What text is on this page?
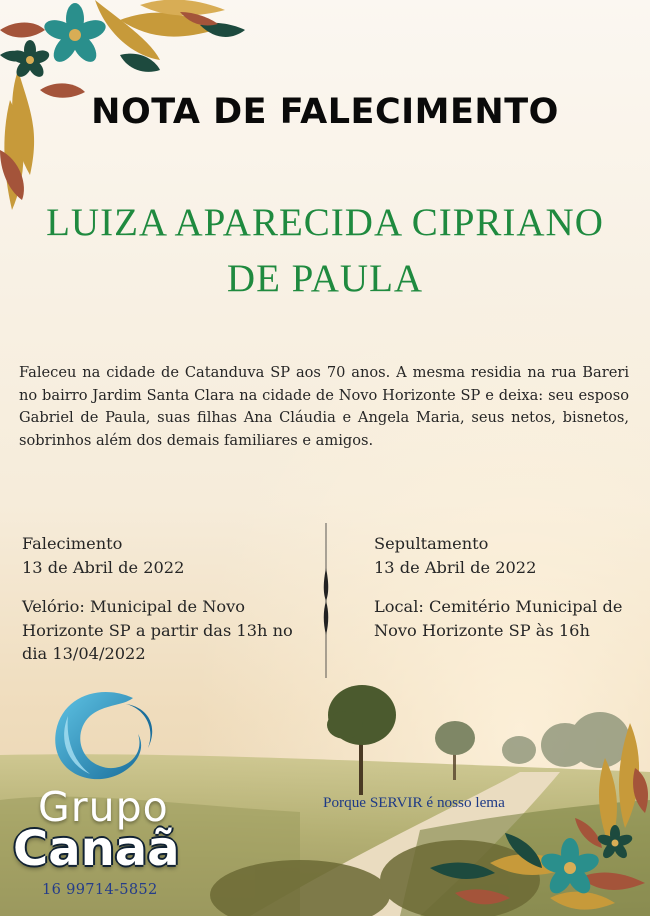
NOTA DE FALECIMENTO
LUIZA APARECIDA CIPRIANO DE PAULA
Faleceu na cidade de Catanduva SP aos 70 anos. A mesma residia na rua Bareri no bairro Jardim Santa Clara na cidade de Novo Horizonte SP e deixa: seu esposo Gabriel de Paula, suas filhas Ana Cláudia e Angela Maria, seus netos, bisnetos, sobrinhos além dos demais familiares e amigos.
Falecimento
13 de Abril de 2022
Velório: Municipal de Novo Horizonte SP a partir das 13h no dia 13/04/2022
Sepultamento
13 de Abril de 2022
Local: Cemitério Municipal de Novo Horizonte SP às 16h
Grupo
Canaã
16 99714-5852
Porque SERVIR é nosso lema
